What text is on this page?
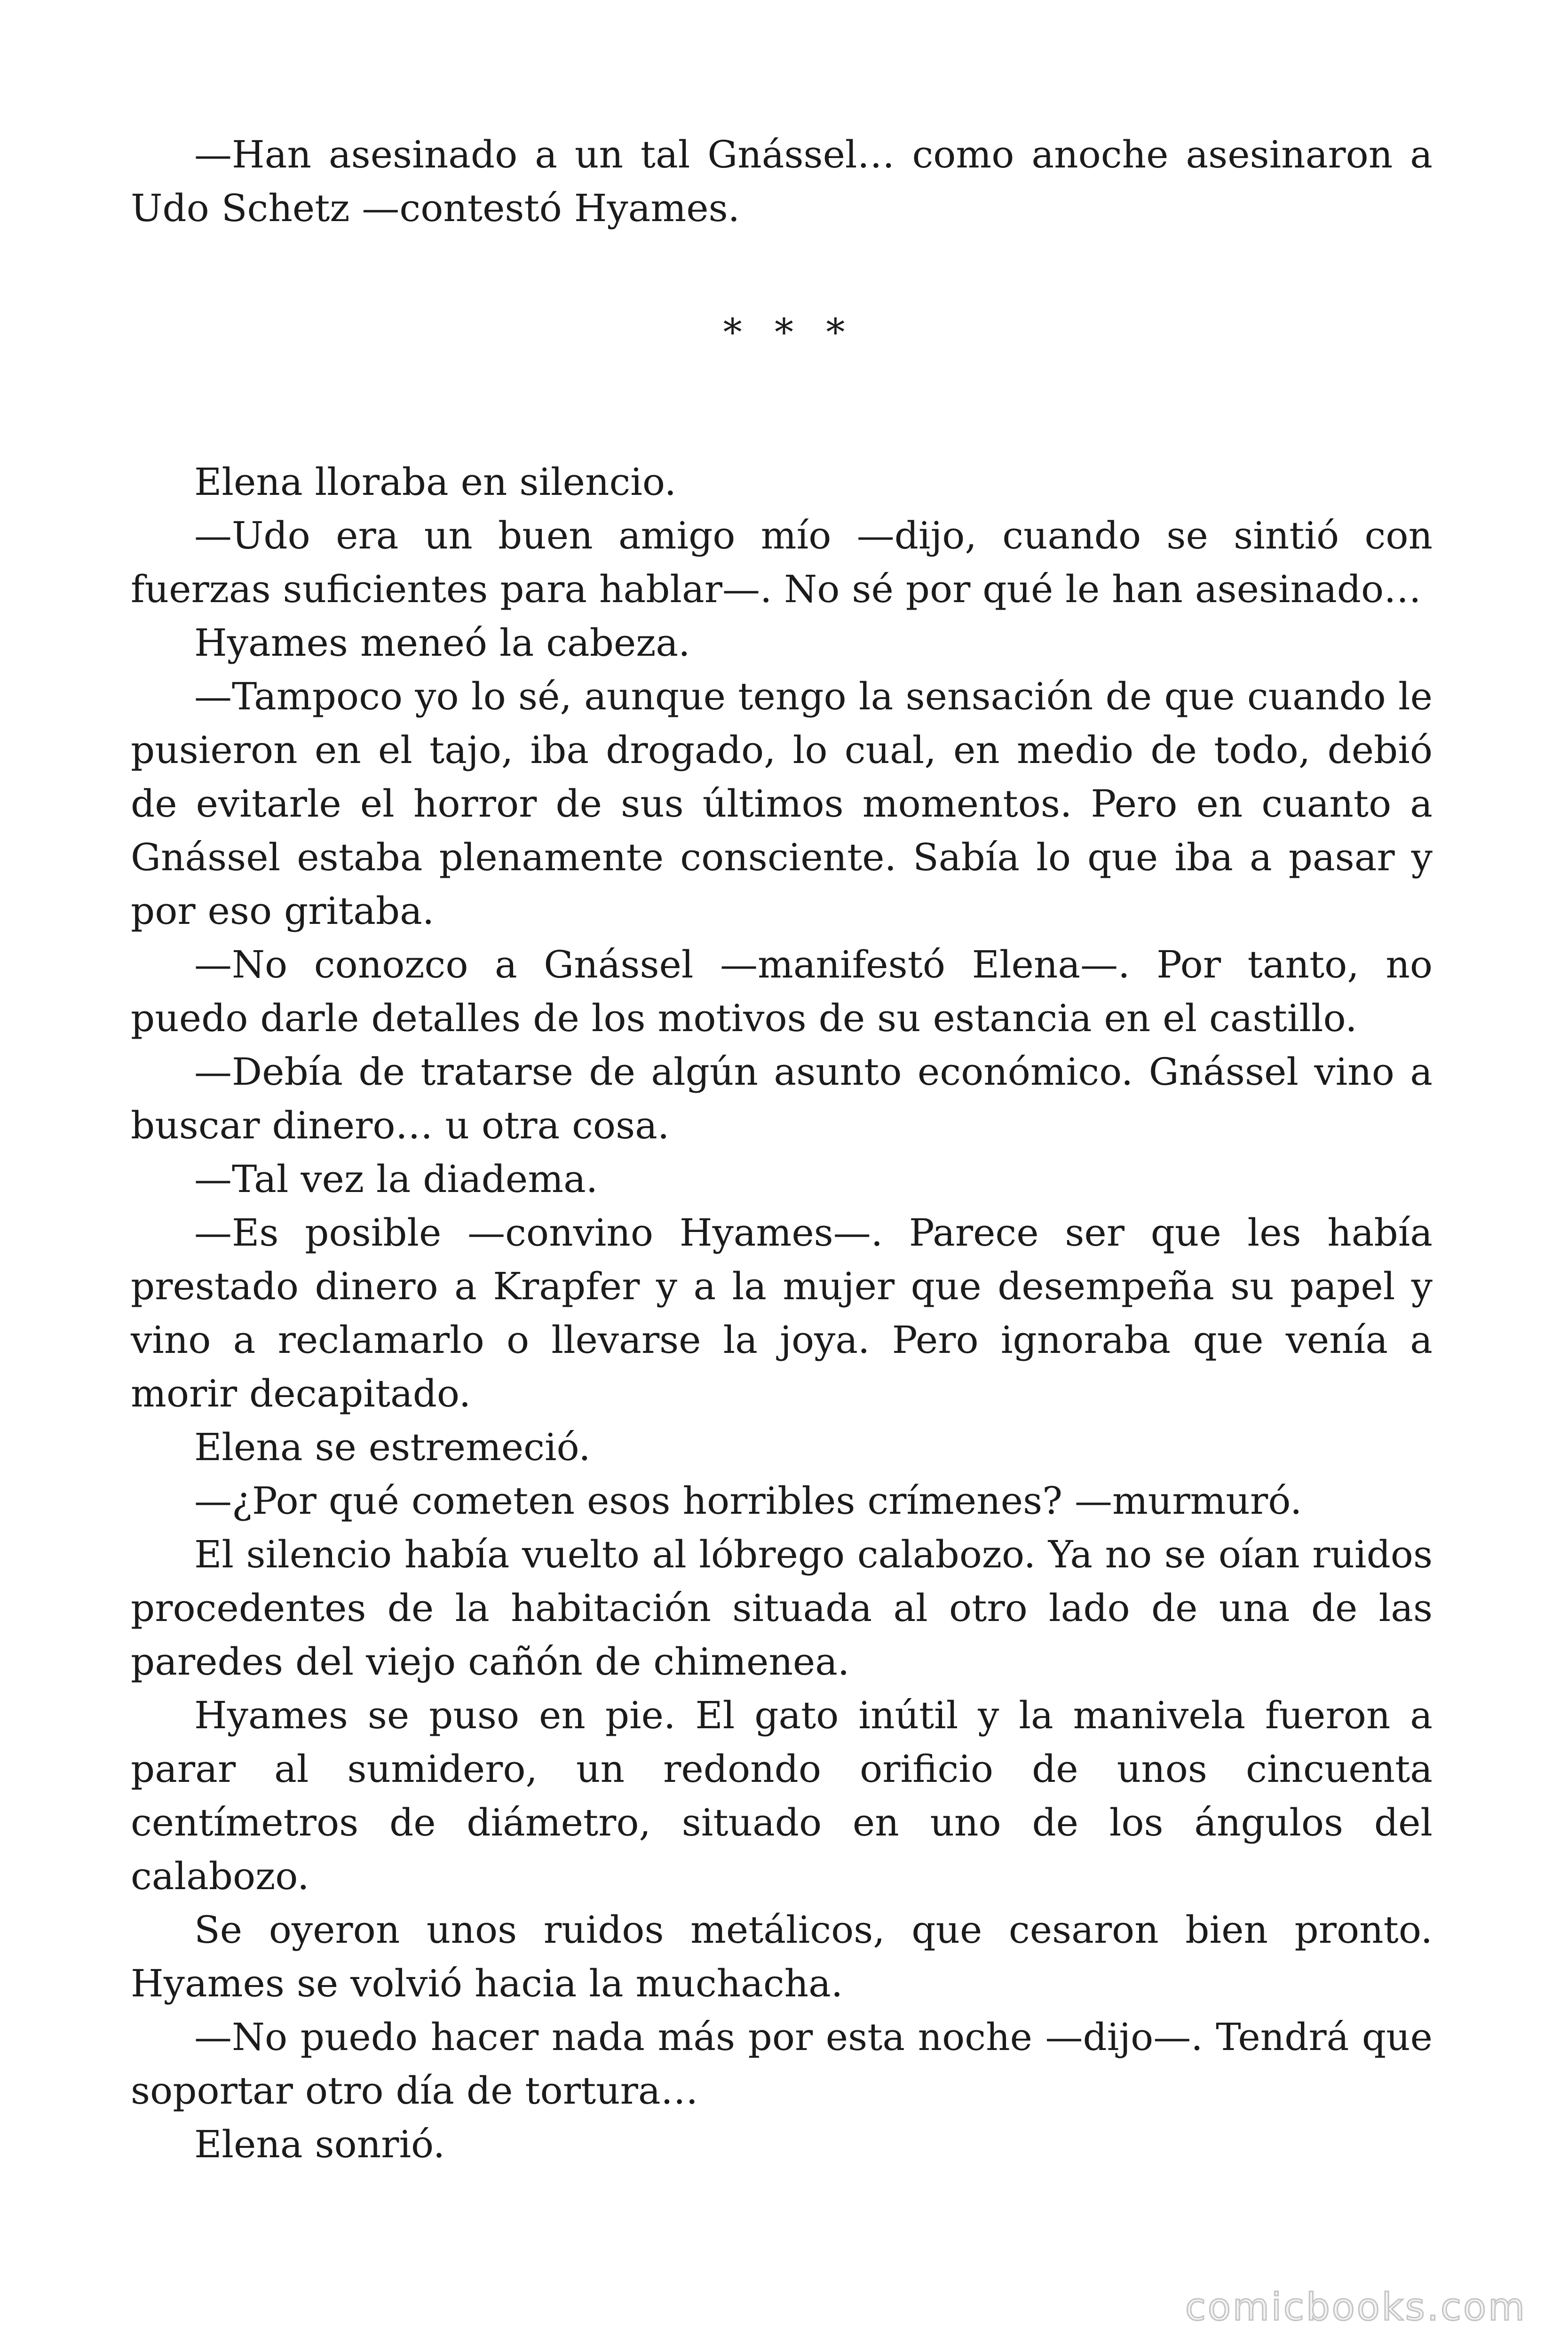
—Han asesinado a un tal Gnássel… como anoche asesinaron a Udo Schetz —contestó Hyames.

* * *

Elena lloraba en silencio.

—Udo era un buen amigo mío —dijo, cuando se sintió con fuerzas suficientes para hablar—. No sé por qué le han asesinado…

Hyames meneó la cabeza.

—Tampoco yo lo sé, aunque tengo la sensación de que cuando le pusieron en el tajo, iba drogado, lo cual, en medio de todo, debió de evitarle el horror de sus últimos momentos. Pero en cuanto a Gnássel estaba plenamente consciente. Sabía lo que iba a pasar y por eso gritaba.

—No conozco a Gnássel —manifestó Elena—. Por tanto, no puedo darle detalles de los motivos de su estancia en el castillo.

—Debía de tratarse de algún asunto económico. Gnássel vino a buscar dinero… u otra cosa.

—Tal vez la diadema.

—Es posible —convino Hyames—. Parece ser que les había prestado dinero a Krapfer y a la mujer que desempeña su papel y vino a reclamarlo o llevarse la joya. Pero ignoraba que venía a morir decapitado.

Elena se estremeció.

—¿Por qué cometen esos horribles crímenes? —murmuró.

El silencio había vuelto al lóbrego calabozo. Ya no se oían ruidos procedentes de la habitación situada al otro lado de una de las paredes del viejo cañón de chimenea.

Hyames se puso en pie. El gato inútil y la manivela fueron a parar al sumidero, un redondo orificio de unos cincuenta centímetros de diámetro, situado en uno de los ángulos del calabozo.

Se oyeron unos ruidos metálicos, que cesaron bien pronto. Hyames se volvió hacia la muchacha.

—No puedo hacer nada más por esta noche —dijo—. Tendrá que soportar otro día de tortura…

Elena sonrió.

comicbooks.com
